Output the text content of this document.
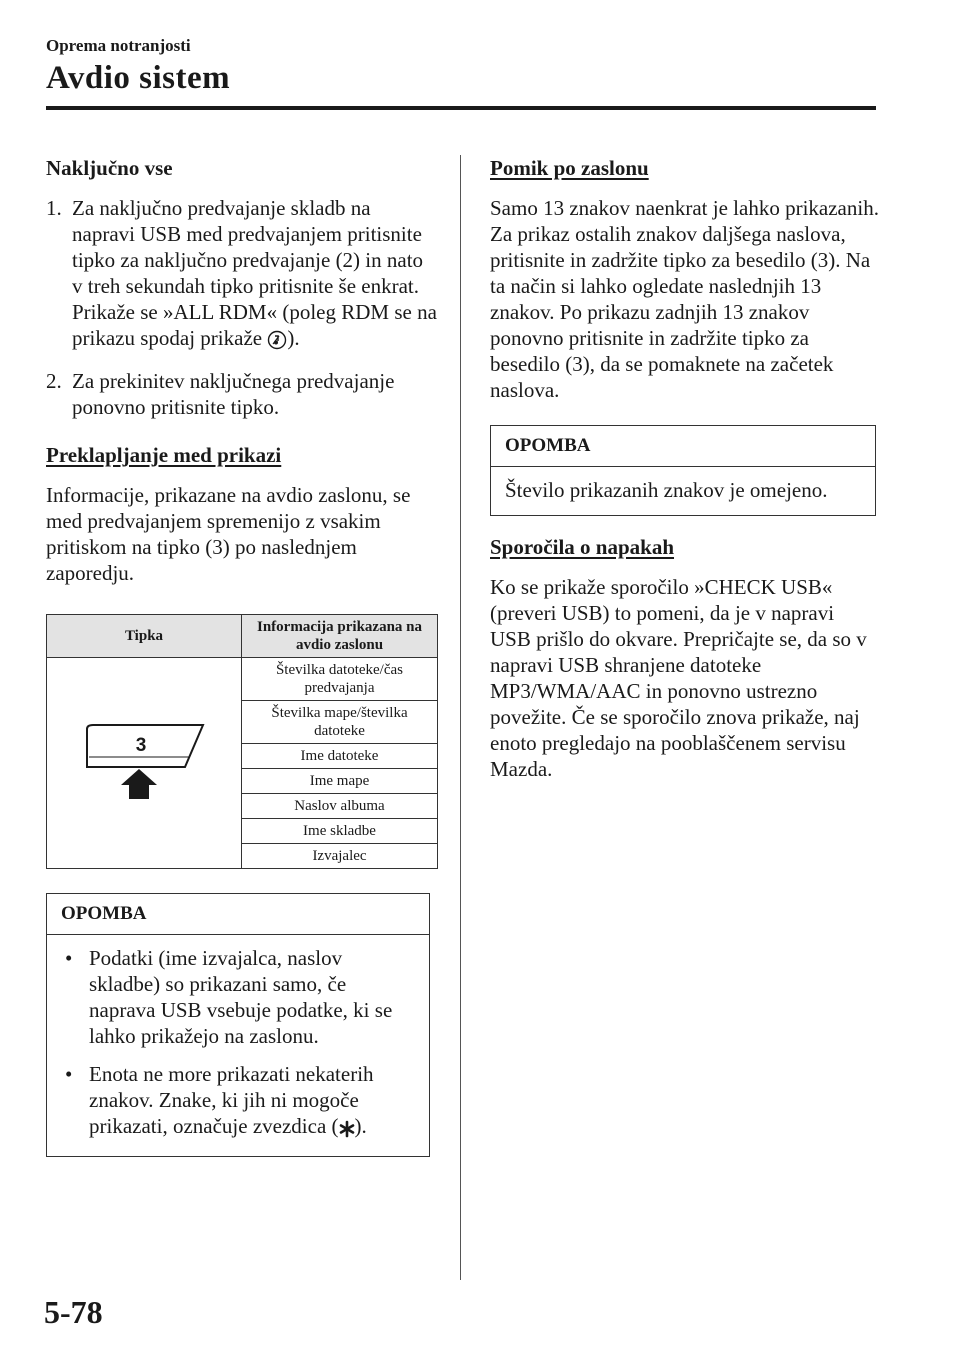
Oprema notranjosti
Avdio sistem
Naključno vse
1. Za naključno predvajanje skladb na napravi USB med predvajanjem pritisnite tipko za naključno predvajanje (2) in nato v treh sekundah tipko pritisnite še enkrat. Prikaže se »ALL RDM« (poleg RDM se na prikazu spodaj prikaže ).
2. Za prekinitev naključnega predvajanje ponovno pritisnite tipko.
Preklapljanje med prikazi
Informacije, prikazane na avdio zaslonu, se med predvajanjem spremenijo z vsakim pritiskom na tipko (3) po naslednjem zaporedju.
Tipka	Informacija prikazana na avdio zaslonu

3	Številka datoteke/čas predvajanja
	Številka mape/številka datoteke
	Ime datoteke
	Ime mape
	Naslov albuma
	Ime skladbe
	Izvajalec
OPOMBA
• Podatki (ime izvajalca, naslov skladbe) so prikazani samo, če naprava USB vsebuje podatke, ki se lahko prikažejo na zaslonu.
• Enota ne more prikazati nekaterih znakov. Znake, ki jih ni mogoče prikazati, označuje zvezdica ( ).
Pomik po zaslonu
Samo 13 znakov naenkrat je lahko prikazanih. Za prikaz ostalih znakov daljšega naslova, pritisnite in zadržite tipko za besedilo (3). Na ta način si lahko ogledate naslednjih 13 znakov. Po prikazu zadnjih 13 znakov ponovno pritisnite in zadržite tipko za besedilo (3), da se pomaknete na začetek naslova.
OPOMBA
Število prikazanih znakov je omejeno.
Sporočila o napakah
Ko se prikaže sporočilo »CHECK USB« (preveri USB) to pomeni, da je v napravi USB prišlo do okvare. Prepričajte se, da so v napravi USB shranjene datoteke MP3/WMA/AAC in ponovno ustrezno povežite. Če se sporočilo znova prikaže, naj enoto pregledajo na pooblaščenem servisu Mazda.
5-78
